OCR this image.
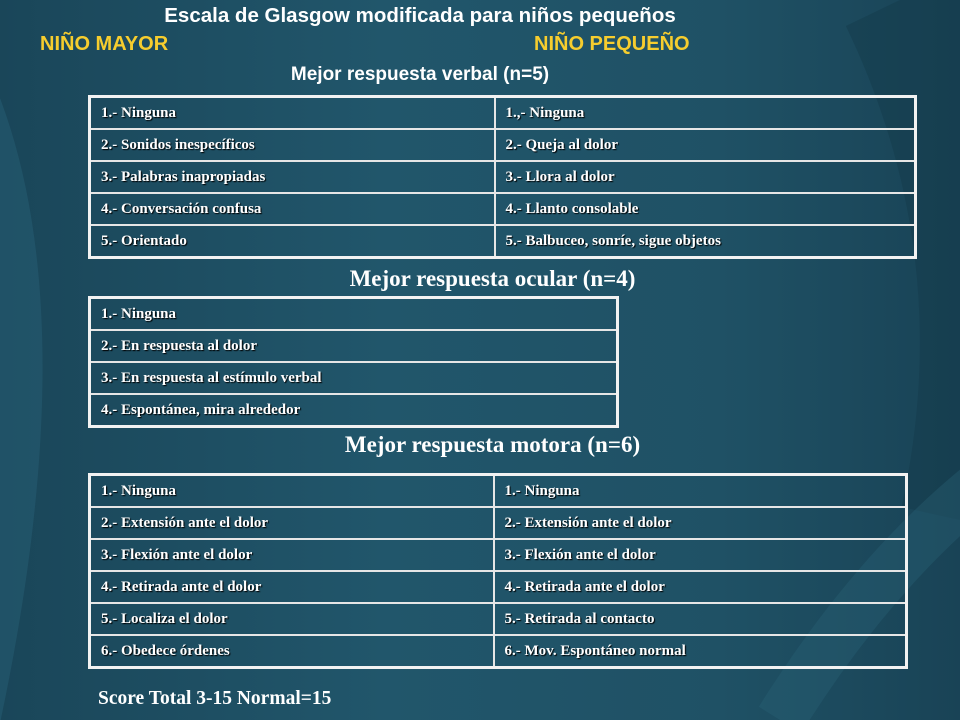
Escala de Glasgow modificada para niños pequeños
NIÑO MAYOR	NIÑO PEQUEÑO
Mejor respuesta verbal (n=5)
1.- Ninguna	1.,- Ninguna
2.- Sonidos inespecíficos	2.- Queja al dolor
3.- Palabras inapropiadas	3.- Llora al dolor
4.- Conversación confusa	4.- Llanto consolable
5.- Orientado	5.- Balbuceo, sonríe, sigue objetos
Mejor respuesta ocular (n=4)
1.- Ninguna
2.- En respuesta al dolor
3.- En respuesta al estímulo verbal
4.- Espontánea, mira alrededor
Mejor respuesta motora (n=6)
1.- Ninguna	1.- Ninguna
2.- Extensión ante el dolor	2.- Extensión ante el dolor
3.- Flexión ante el dolor	3.- Flexión ante el dolor
4.- Retirada ante el dolor	4.- Retirada ante el dolor
5.- Localiza el dolor	5.- Retirada al contacto
6.- Obedece órdenes	6.- Mov. Espontáneo normal
Score Total 3-15 Normal=15
